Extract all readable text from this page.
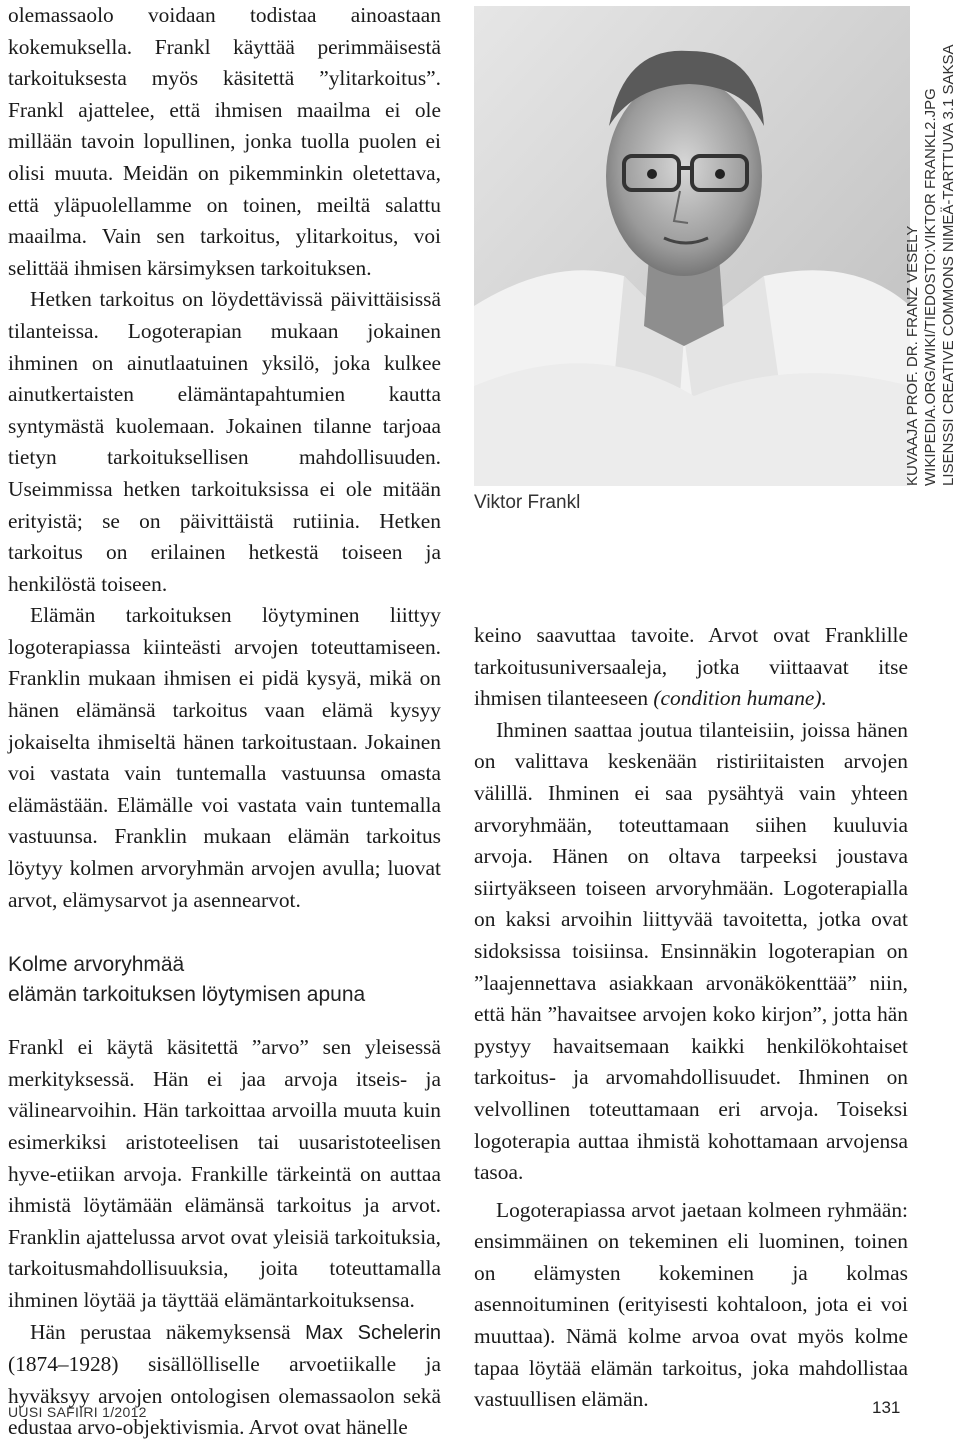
olemassaolo voidaan todistaa ainoastaan kokemuksella. Frankl käyttää perimmäisestä tarkoituksesta myös käsitettä ”ylitarkoitus”. Frankl ajattelee, että ihmisen maailma ei ole millään tavoin lopullinen, jonka tuolla puolen ei olisi muuta. Meidän on pikemminkin oletettava, että yläpuolellamme on toinen, meiltä salattu maailma. Vain sen tarkoitus, ylitarkoitus, voi selittää ihmisen kärsimyksen tarkoituksen.

Hetken tarkoitus on löydettävissä päivittäisissä tilanteissa. Logoterapian mukaan jokainen ihminen on ainutlaatuinen yksilö, joka kulkee ainutkertaisten elämäntapahtumien kautta syntymästä kuolemaan. Jokainen tilanne tarjoaa tietyn tarkoituksellisen mahdollisuuden. Useimmissa hetken tarkoituksissa ei ole mitään erityistä; se on päivittäistä rutiinia. Hetken tarkoitus on erilainen hetkestä toiseen ja henkilöstä toiseen.

Elämän tarkoituksen löytyminen liittyy logoterapiassa kiinteästi arvojen toteuttamiseen. Franklin mukaan ihmisen ei pidä kysyä, mikä on hänen elämänsä tarkoitus vaan elämä kysyy jokaiselta ihmiseltä hänen tarkoitustaan. Jokainen voi vastata vain tuntemalla vastuunsa omasta elämästään. Elämälle voi vastata vain tuntemalla vastuunsa. Franklin mukaan elämän tarkoitus löytyy kolmen arvoryhmän arvojen avulla; luovat arvot, elämysarvot ja asennearvot.

Kolme arvoryhmää
elämän tarkoituksen löytymisen apuna

Frankl ei käytä käsitettä ”arvo” sen yleisessä merkityksessä. Hän ei jaa arvoja itseis- ja välinearvoihin. Hän tarkoittaa arvoilla muuta kuin esimerkiksi aristoteelisen tai uusaristoteelisen hyve-etiikan arvoja. Frankille tärkeintä on auttaa ihmistä löytämään elämänsä tarkoitus ja arvot. Franklin ajattelussa arvot ovat yleisiä tarkoituksia, tarkoitusmahdollisuuksia, joita toteuttamalla ihminen löytää ja täyttää elämäntarkoituksensa.

Hän perustaa näkemyksensä Max Schelerin (1874–1928) sisällölliselle arvoetiikalle ja hyväksyy arvojen ontologisen olemassaolon sekä edustaa arvo-objektivismia. Arvot ovat hänelle

Viktor Frankl
KUVAAJA PROF. DR. FRANZ VESELY WIKIPEDIA.ORG/WIKI/TIEDOSTO:VIKTOR FRANKL2.JPG LISENSSI CREATIVE COMMONS NIMEÄ-TARTTUVA 3.1 SAKSA

keino saavuttaa tavoite. Arvot ovat Franklille tarkoitusuniversaaleja, jotka viittaavat itse ihmisen tilanteeseen (condition humane).

Ihminen saattaa joutua tilanteisiin, joissa hänen on valittava keskenään ristiriitaisten arvojen välillä. Ihminen ei saa pysähtyä vain yhteen arvoryhmään, toteuttamaan siihen kuuluvia arvoja. Hänen on oltava tarpeeksi joustava siirtyäkseen toiseen arvoryhmään. Logoterapialla on kaksi arvoihin liittyvää tavoitetta, jotka ovat sidoksissa toisiinsa. Ensinnäkin logoterapian on ”laajennettava asiakkaan arvonäkökenttää” niin, että hän ”havaitsee arvojen koko kirjon”, jotta hän pystyy havaitsemaan kaikki henkilökohtaiset tarkoitus- ja arvomahdollisuudet. Ihminen on velvollinen toteuttamaan eri arvoja. Toiseksi logoterapia auttaa ihmistä kohottamaan arvojensa tasoa.

Logoterapiassa arvot jaetaan kolmeen ryhmään: ensimmäinen on tekeminen eli luominen, toinen on elämysten kokeminen ja kolmas asennoituminen (erityisesti kohtaloon, jota ei voi muuttaa). Nämä kolme arvoa ovat myös kolme tapaa löytää elämän tarkoitus, joka mahdollistaa vastuullisen elämän.

UUSI SAFIIRI 1/2012	131
